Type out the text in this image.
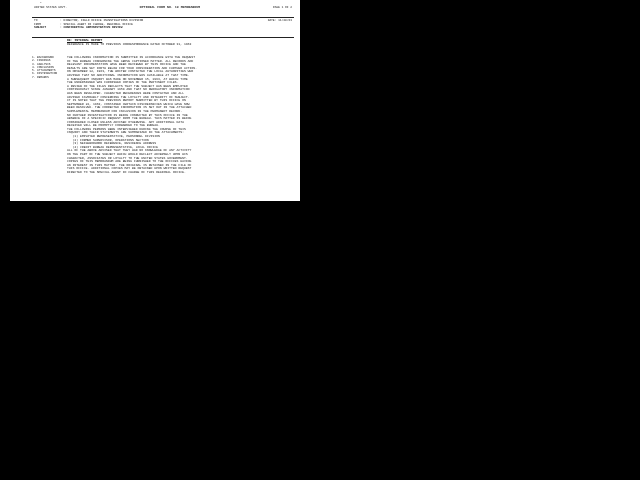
*
UNITED STATES GOVT.	OPTIONAL FORM NO. 10 MEMORANDUM	PAGE 1 OF 2
TO	: DIRECTOR, FIELD OFFICE INVESTIGATIONS DIVISION	DATE: 11/20/63
FROM	: SPECIAL AGENT IN CHARGE, REGIONAL OFFICE
SUBJECT	: CONFIDENTIAL ADMINISTRATIVE REVIEW
RE: INTERNAL REPORT
REFERENCE IS MADE TO PREVIOUS CORRESPONDENCE DATED OCTOBER 31, 1963
1. BACKGROUND
2. FINDINGS
3. ANALYSIS
4. CONCLUSION
5. ATTACHMENTS
6. DISTRIBUTION
7. REMARKS
THE FOLLOWING INFORMATION IS SUBMITTED IN ACCORDANCE WITH THE REQUEST
OF THE BUREAU CONCERNING THE ABOVE CAPTIONED MATTER. ALL RECORDS AND
RELEVANT DOCUMENTATION HAVE BEEN REVIEWED BY THIS OFFICE AND THE
RESULTS ARE SET FORTH BELOW FOR YOUR CONSIDERATION AND FURTHER ACTION.
ON NOVEMBER 12, 1963, THE WRITER CONTACTED THE LOCAL AUTHORITIES WHO
ADVISED THAT NO ADDITIONAL INFORMATION WAS AVAILABLE AT THAT TIME.
A SUBSEQUENT INQUIRY WAS MADE ON NOVEMBER 15, 1963, AT WHICH TIME
THE UNDERSIGNED WAS FURNISHED COPIES OF THE PERTINENT FILES.
A REVIEW OF THE FILES REFLECTS THAT THE SUBJECT HAS BEEN EMPLOYED
CONTINUOUSLY SINCE JANUARY 1959 AND THAT NO DEROGATORY INFORMATION
HAS BEEN DEVELOPED. CHARACTER REFERENCES WERE CONTACTED AND ALL
ADVISED FAVORABLY CONCERNING THE LOYALTY AND INTEGRITY OF SUBJECT.
IT IS NOTED THAT THE PREVIOUS REPORT SUBMITTED BY THIS OFFICE ON
SEPTEMBER 22, 1963, CONTAINED CERTAIN DISCREPANCIES WHICH HAVE NOW
BEEN RESOLVED. THE CORRECTED INFORMATION IS SET OUT IN THE ATTACHED
SUPPLEMENTAL MEMORANDUM FOR INCLUSION IN THE PERMANENT RECORD.
NO FURTHER INVESTIGATION IS BEING CONDUCTED BY THIS OFFICE IN THE
ABSENCE OF A SPECIFIC REQUEST FROM THE BUREAU. THIS MATTER IS BEING
CONSIDERED CLOSED UNLESS ADVISED OTHERWISE. ANY ADDITIONAL DATA
RECEIVED WILL BE PROMPTLY FORWARDED TO THE BUREAU.
THE FOLLOWING PERSONS WERE INTERVIEWED DURING THE COURSE OF THIS
INQUIRY AND THEIR STATEMENTS ARE SUMMARIZED IN THE ATTACHMENTS:
(1) EMPLOYER REPRESENTATIVE, PERSONNEL DIVISION
(2) FORMER SUPERVISOR, OPERATIONS SECTION
(3) NEIGHBORHOOD REFERENCE, RESIDENCE ADDRESS
(4) CREDIT BUREAU REPRESENTATIVE, LOCAL OFFICE
ALL OF THE ABOVE ADVISED THAT THEY HAD NO KNOWLEDGE OF ANY ACTIVITY
ON THE PART OF THE SUBJECT WHICH WOULD REFLECT ADVERSELY UPON HIS
CHARACTER, ASSOCIATES OR LOYALTY TO THE UNITED STATES GOVERNMENT.
COPIES OF THIS MEMORANDUM ARE BEING FURNISHED TO THE OFFICES HAVING
AN INTEREST IN THIS MATTER. THE ORIGINAL IS RETAINED IN THE FILE OF
THIS OFFICE. ADDITIONAL COPIES MAY BE OBTAINED UPON WRITTEN REQUEST
DIRECTED TO THE SPECIAL AGENT IN CHARGE OF THIS REGIONAL OFFICE.
